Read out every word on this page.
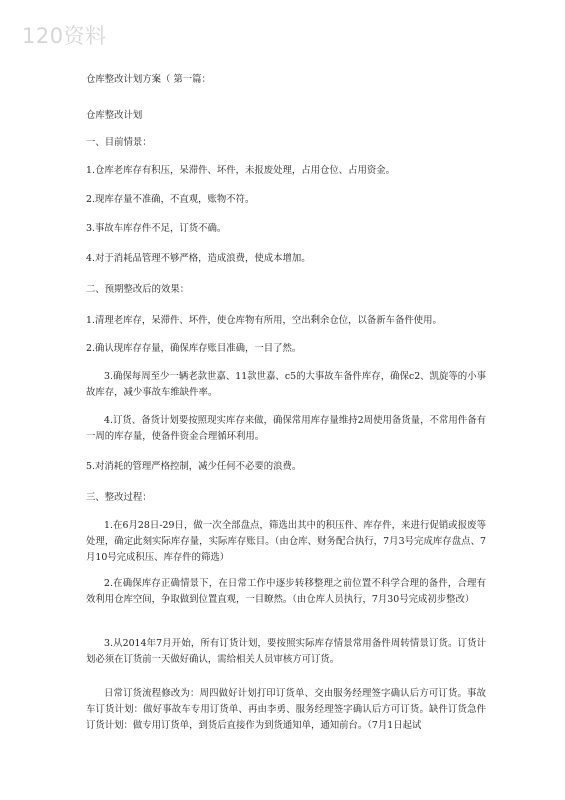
120资料
仓库整改计划方案（ 第一篇：
仓库整改计划
一、目前情景：
1.仓库老库存有积压，呆滞件、坏件，未报废处理，占用仓位、占用资金。
2.现库存量不准确，不直观，账物不符。
3.事故车库存件不足，订货不确。
4.对于消耗品管理不够严格，造成浪费，使成本增加。
二、预期整改后的效果：
1.清理老库存，呆滞件、坏件，使仓库物有所用，空出剩余仓位，以备新车备件使用。
2.确认现库存存量，确保库存账目准确，一目了然。
3.确保每周至少一辆老款世嘉、11款世嘉、c5的大事故车备件库存，确保c2、凯旋等的小事故库存，减少事故车维缺件率。
4.订货、备货计划要按照现实库存来做，确保常用库存量维持2周使用备货量，不常用件备有一周的库存量，使备件资金合理循环利用。
5.对消耗的管理严格控制，减少任何不必要的浪费。
三、整改过程：
1.在6月28日-29日，做一次全部盘点，筛选出其中的积压件、库存件，来进行促销或报废等处理，确定此刻实际库存量，实际库存账目。（由仓库、财务配合执行，7月3号完成库存盘点、7月10号完成积压、库存件的筛选）
2.在确保库存正确情景下，在日常工作中逐步转移整理之前位置不科学合理的备件，合理有效利用仓库空间，争取做到位置直观，一目瞭然。（由仓库人员执行，7月30号完成初步整改）
3.从2014年7月开始，所有订货计划，要按照实际库存情景常用备件周转情景订货。订货计划必须在订货前一天做好确认，需给相关人员审核方可订货。
日常订货流程修改为：周四做好计划打印订货单、交由服务经理签字确认后方可订货。事故车订货计划：做好事故车专用订货单、再由李勇、服务经理签字确认后方可订货。缺件订货急件订货计划：做专用订货单，到货后直接作为到货通知单，通知前台。（7月1日起试
